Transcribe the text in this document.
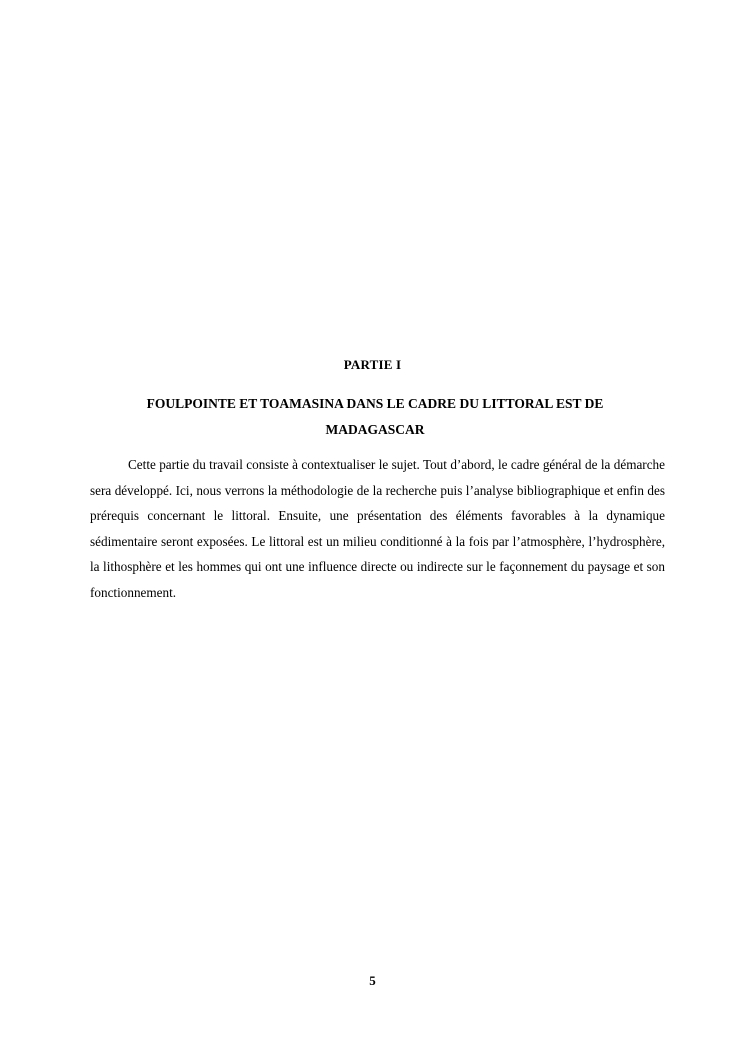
PARTIE I
FOULPOINTE ET TOAMASINA DANS LE CADRE DU LITTORAL EST DE MADAGASCAR

Cette partie du travail consiste à contextualiser le sujet. Tout d’abord, le cadre général de la démarche sera développé. Ici, nous verrons la méthodologie de la recherche puis l’analyse bibliographique et enfin des prérequis concernant le littoral. Ensuite, une présentation des éléments favorables à la dynamique sédimentaire seront exposées. Le littoral est un milieu conditionné à la fois par l’atmosphère, l’hydrosphère, la lithosphère et les hommes qui ont une influence directe ou indirecte sur le façonnement du paysage et son fonctionnement.

5
